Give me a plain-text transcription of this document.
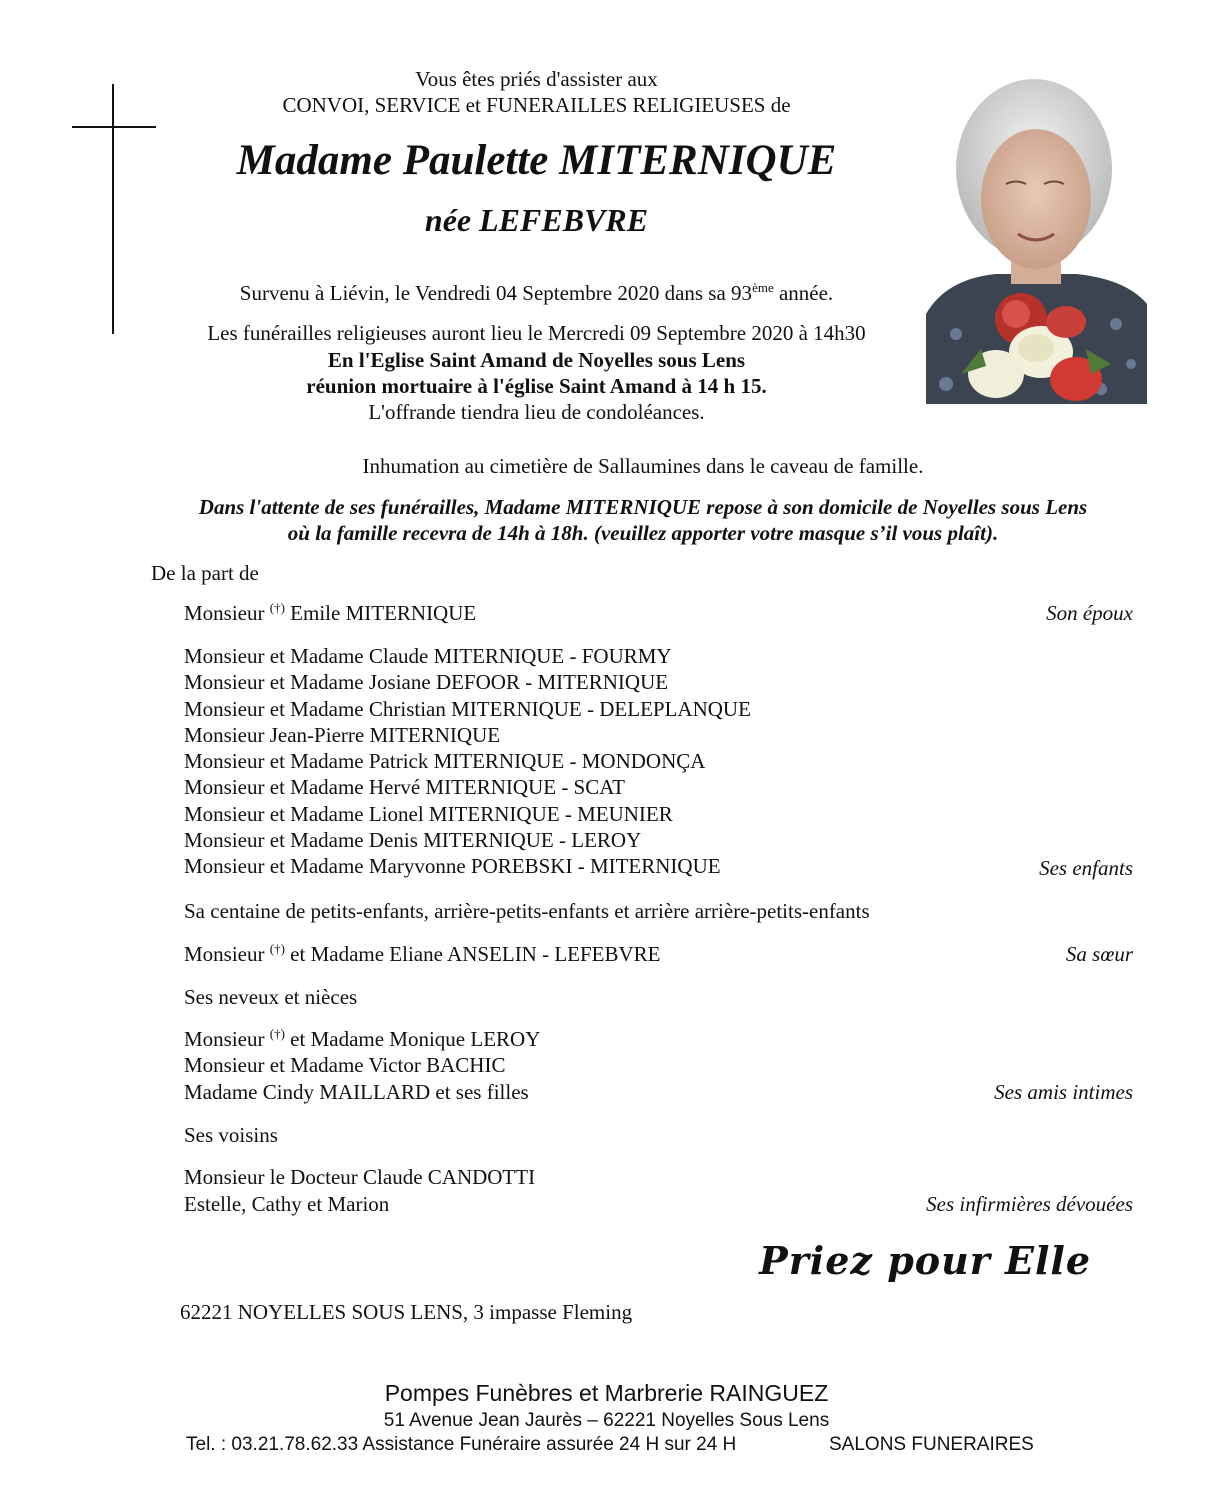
Vous êtes priés d'assister aux
CONVOI, SERVICE et FUNERAILLES RELIGIEUSES de
Madame Paulette MITERNIQUE
née LEFEBVRE
Survenu à Liévin, le Vendredi 04 Septembre 2020 dans sa 93ème année.
Les funérailles religieuses auront lieu le Mercredi 09 Septembre 2020 à 14h30
En l'Eglise Saint Amand de Noyelles sous Lens
réunion mortuaire à l'église Saint Amand à 14 h 15.
L'offrande tiendra lieu de condoléances.
Inhumation au cimetière de Sallaumines dans le caveau de famille.
Dans l'attente de ses funérailles, Madame MITERNIQUE repose à son domicile de Noyelles sous Lens
où la famille recevra de 14h à 18h. (veuillez apporter votre masque s’il vous plaît).
De la part de
Monsieur (†) Emile MITERNIQUE	Son époux
Monsieur et Madame Claude MITERNIQUE - FOURMY
Monsieur et Madame Josiane DEFOOR - MITERNIQUE
Monsieur et Madame Christian MITERNIQUE - DELEPLANQUE
Monsieur Jean-Pierre MITERNIQUE
Monsieur et Madame Patrick MITERNIQUE - MONDONÇA
Monsieur et Madame Hervé MITERNIQUE - SCAT
Monsieur et Madame Lionel MITERNIQUE - MEUNIER
Monsieur et Madame Denis MITERNIQUE - LEROY
Monsieur et Madame Maryvonne POREBSKI - MITERNIQUE	Ses enfants
Sa centaine de petits-enfants, arrière-petits-enfants et arrière arrière-petits-enfants
Monsieur (†) et Madame Eliane ANSELIN - LEFEBVRE	Sa sœur
Ses neveux et nièces
Monsieur (†) et Madame Monique LEROY
Monsieur et Madame Victor BACHIC
Madame Cindy MAILLARD et ses filles	Ses amis intimes
Ses voisins
Monsieur le Docteur Claude CANDOTTI
Estelle, Cathy et Marion	Ses infirmières dévouées
Priez pour Elle
62221 NOYELLES SOUS LENS, 3 impasse Fleming
Pompes Funèbres et Marbrerie RAINGUEZ
51 Avenue Jean Jaurès – 62221 Noyelles Sous Lens
Tel. : 03.21.78.62.33 Assistance Funéraire assurée 24 H sur 24 H	SALONS FUNERAIRES
